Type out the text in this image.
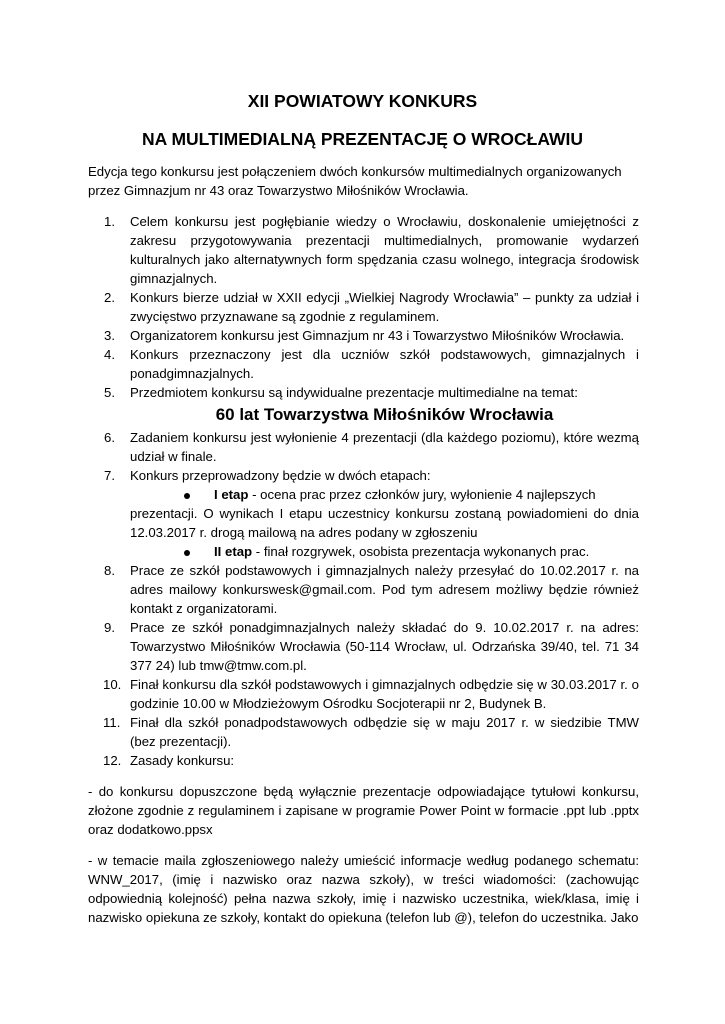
XII POWIATOWY KONKURS
NA MULTIMEDIALNĄ PREZENTACJĘ O WROCŁAWIU

Edycja tego konkursu jest połączeniem dwóch konkursów multimedialnych organizowanych przez Gimnazjum nr 43 oraz Towarzystwo Miłośników Wrocławia.

1. Celem konkursu jest pogłębianie wiedzy o Wrocławiu, doskonalenie umiejętności z zakresu przygotowywania prezentacji multimedialnych, promowanie wydarzeń kulturalnych jako alternatywnych form spędzania czasu wolnego, integracja środowisk gimnazjalnych.
2. Konkurs bierze udział w XXII edycji „Wielkiej Nagrody Wrocławia” – punkty za udział i zwycięstwo przyznawane są zgodnie z regulaminem.
3. Organizatorem konkursu jest Gimnazjum nr 43 i Towarzystwo Miłośników Wrocławia.
4. Konkurs przeznaczony jest dla uczniów szkół podstawowych, gimnazjalnych i ponadgimnazjalnych.
5. Przedmiotem konkursu są indywidualne prezentacje multimedialne na temat:
60 lat Towarzystwa Miłośników Wrocławia
6. Zadaniem konkursu jest wyłonienie 4 prezentacji (dla każdego poziomu), które wezmą udział w finale.
7. Konkurs przeprowadzony będzie w dwóch etapach:
I etap - ocena prac przez członków jury, wyłonienie 4 najlepszych
prezentacji. O wynikach I etapu uczestnicy konkursu zostaną powiadomieni do dnia 12.03.2017 r. drogą mailową na adres podany w zgłoszeniu
II etap - finał rozgrywek, osobista prezentacja wykonanych prac.
8. Prace ze szkół podstawowych i gimnazjalnych należy przesyłać do 10.02.2017 r. na adres mailowy konkurswesk@gmail.com. Pod tym adresem możliwy będzie również kontakt z organizatorami.
9. Prace ze szkół ponadgimnazjalnych należy składać do 9. 10.02.2017 r. na adres: Towarzystwo Miłośników Wrocławia (50-114 Wrocław, ul. Odrzańska 39/40, tel. 71 34 377 24) lub tmw@tmw.com.pl.
10. Finał konkursu dla szkół podstawowych i gimnazjalnych odbędzie się w 30.03.2017 r. o godzinie 10.00 w Młodzieżowym Ośrodku Socjoterapii nr 2, Budynek B.
11. Finał dla szkół ponadpodstawowych odbędzie się w maju 2017 r. w siedzibie TMW (bez prezentacji).
12. Zasady konkursu:

- do konkursu dopuszczone będą wyłącznie prezentacje odpowiadające tytułowi konkursu, złożone zgodnie z regulaminem i zapisane w programie Power Point w formacie .ppt lub .pptx oraz dodatkowo.ppsx

- w temacie maila zgłoszeniowego należy umieścić informacje według podanego schematu: WNW_2017, (imię i nazwisko oraz nazwa szkoły), w treści wiadomości: (zachowując odpowiednią kolejność) pełna nazwa szkoły, imię i nazwisko uczestnika, wiek/klasa, imię i nazwisko opiekuna ze szkoły, kontakt do opiekuna (telefon lub @), telefon do uczestnika. Jako
